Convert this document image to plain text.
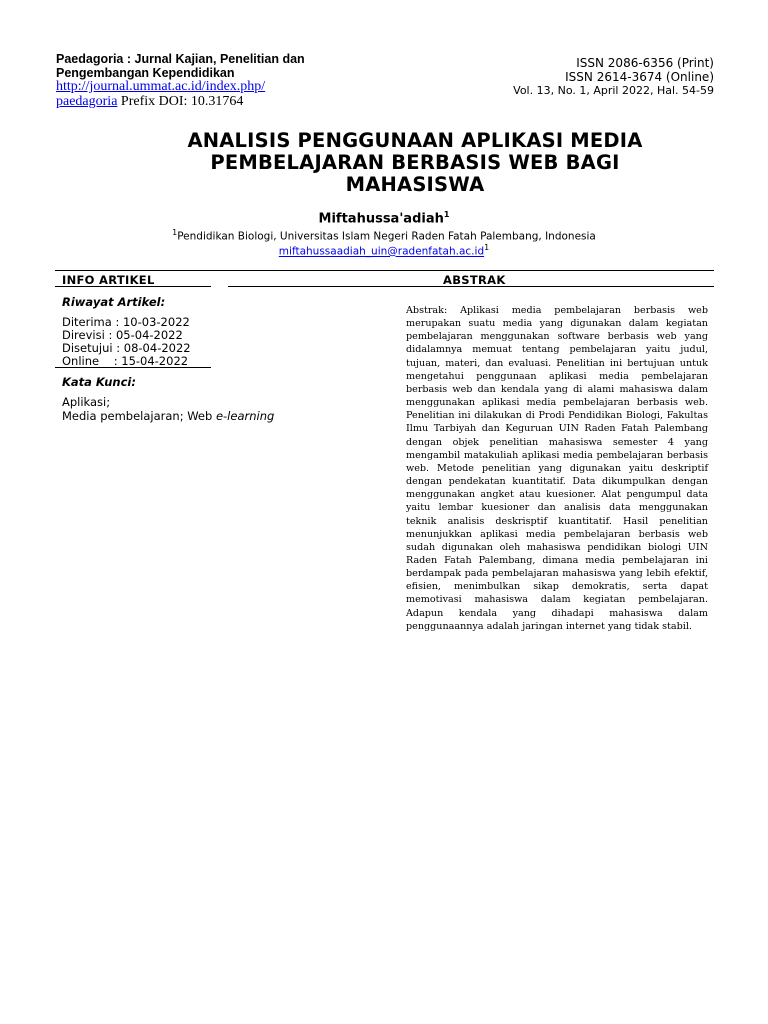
Paedagoria : Jurnal Kajian, Penelitian dan
Pengembangan Kependidikan
http://journal.ummat.ac.id/index.php/
paedagoria Prefix DOI: 10.31764
ISSN 2086-6356 (Print)
ISSN 2614-3674 (Online)
Vol. 13, No. 1, April 2022, Hal. 54-59
ANALISIS PENGGUNAAN APLIKASI MEDIA
PEMBELAJARAN BERBASIS WEB BAGI
MAHASISWA
Miftahussa'adiah$^1$
$^1$Pendidikan Biologi, Universitas Islam Negeri Raden Fatah Palembang, Indonesia
$miftahussaadiah\_uin@radenfatah.ac.id^1$
INFO ARTIKEL	ABSTRAK
Riwayat Artikel:
Diterima : 10-03-2022
Direvisi : 05-04-2022
Disetujui : 08-04-2022
Online    : 15-04-2022
Kata Kunci:
Aplikasi;
Media pembelajaran; Web e-learning
Abstrak: Aplikasi media pembelajaran berbasis web merupakan suatu media yang digunakan dalam kegiatan pembelajaran menggunakan software berbasis web yang didalamnya memuat tentang pembelajaran yaitu judul, tujuan, materi, dan evaluasi. Penelitian ini bertujuan untuk mengetahui penggunaan aplikasi media pembelajaran berbasis web dan kendala yang di alami mahasiswa dalam menggunakan aplikasi media pembelajaran berbasis web. Penelitian ini dilakukan di Prodi Pendidikan Biologi, Fakultas Ilmu Tarbiyah dan Keguruan UIN Raden Fatah Palembang dengan objek penelitian mahasiswa semester 4 yang mengambil matakuliah aplikasi media pembelajaran berbasis web. Metode penelitian yang digunakan yaitu deskriptif dengan pendekatan kuantitatif. Data dikumpulkan dengan menggunakan angket atau kuesioner. Alat pengumpul data yaitu lembar kuesioner dan analisis data menggunakan teknik analisis deskrisptif kuantitatif. Hasil penelitian menunjukkan aplikasi media pembelajaran berbasis web sudah digunakan oleh mahasiswa pendidikan biologi UIN Raden Fatah Palembang, dimana media pembelajaran ini berdampak pada pembelajaran mahasiswa yang lebih efektif, efisien, menimbulkan sikap demokratis, serta dapat memotivasi mahasiswa dalam kegiatan pembelajaran. Adapun kendala yang dihadapi mahasiswa dalam penggunaannya adalah jaringan internet yang tidak stabil.
